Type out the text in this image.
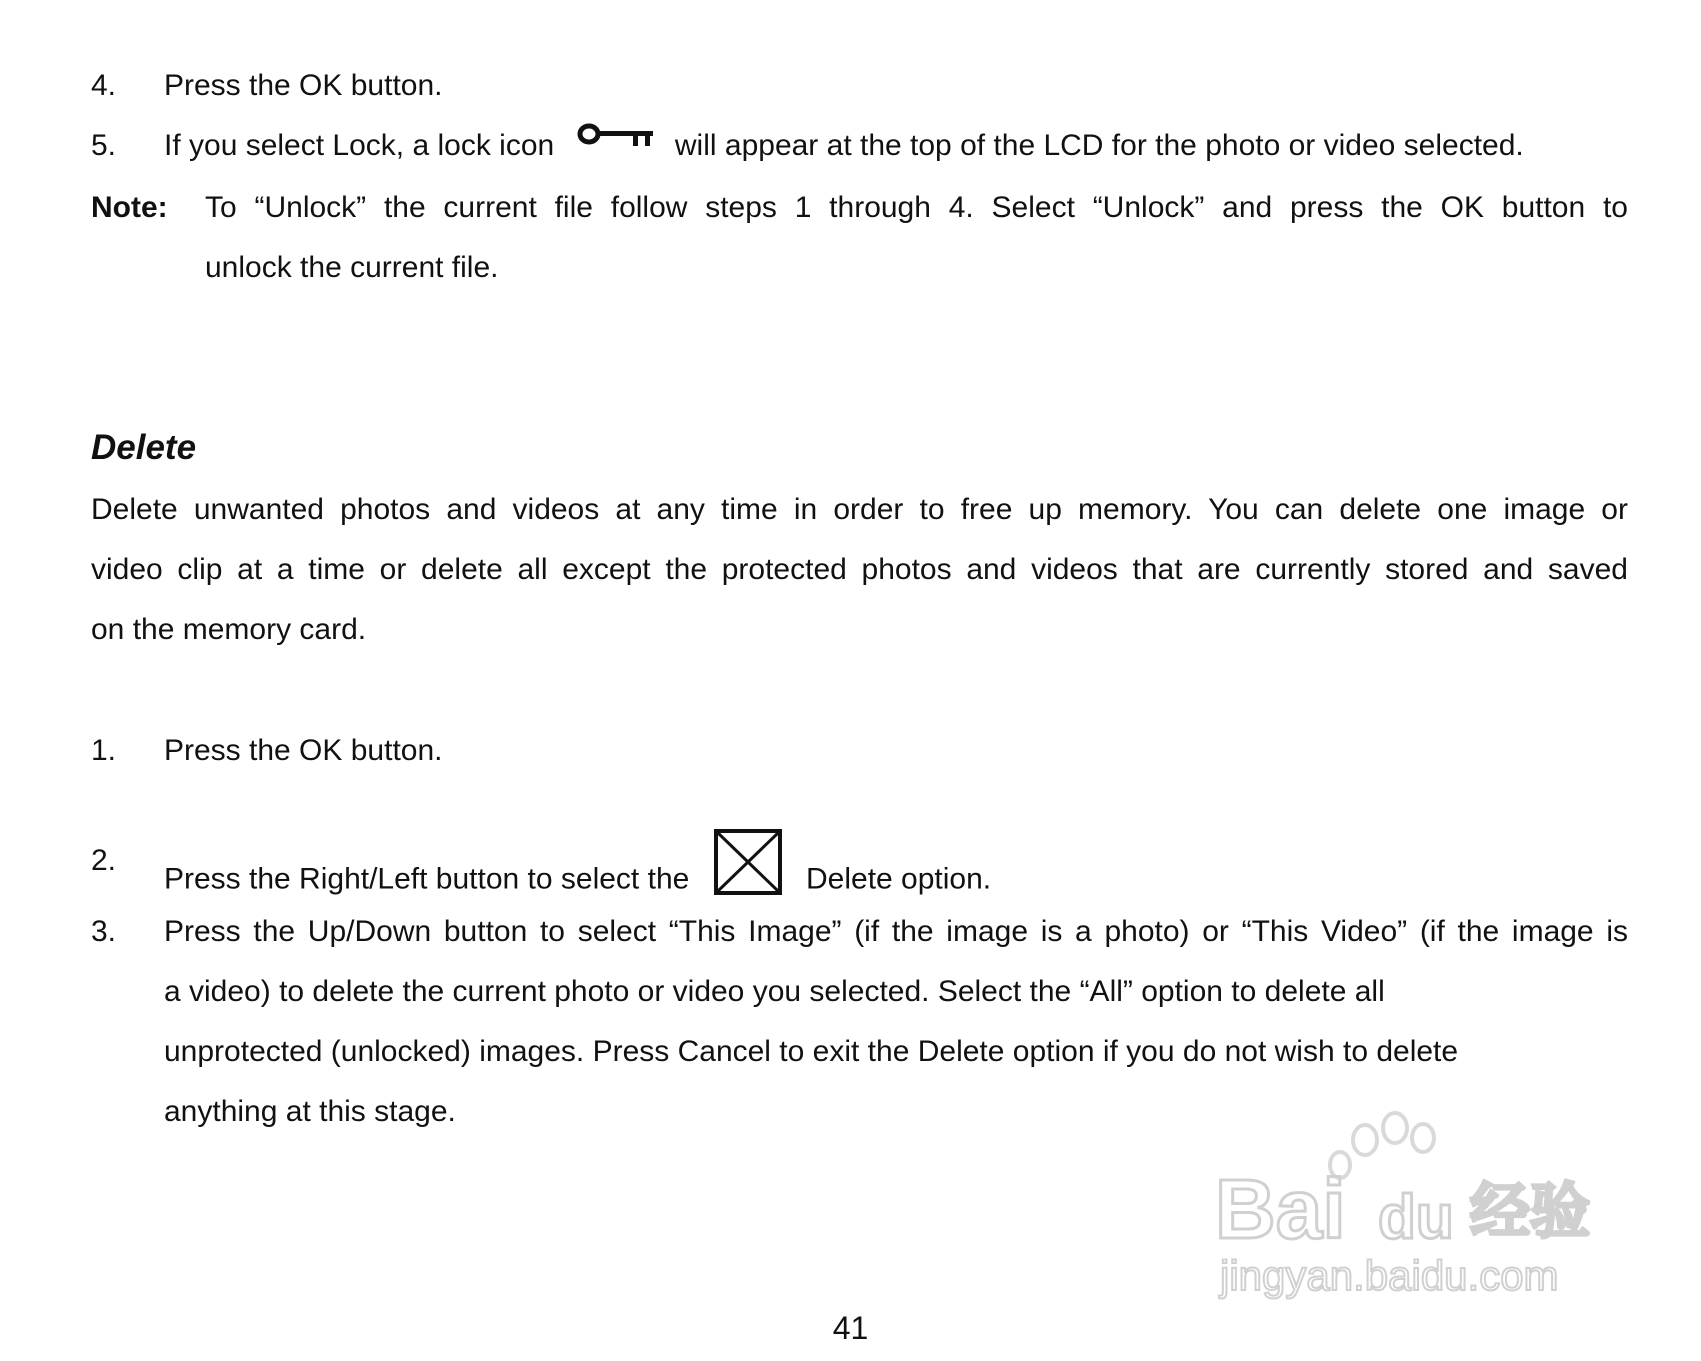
4. Press the OK button.
5. If you select Lock, a lock icon	will appear at the top of the LCD for the photo or video selected.
Note: To “Unlock” the current file follow steps 1 through 4. Select “Unlock” and press the OK button to
unlock the current file.
Delete
Delete unwanted photos and videos at any time in order to free up memory. You can delete one image or
video clip at a time or delete all except the protected photos and videos that are currently stored and saved
on the memory card.
1. Press the OK button.
2.
Press the Right/Left button to select the	Delete option.
3. Press the Up/Down button to select “This Image” (if the image is a photo) or “This Video” (if the image is
a video) to delete the current photo or video you selected. Select the “All” option to delete all
unprotected (unlocked) images. Press Cancel to exit the Delete option if you do not wish to delete
anything at this stage.
Bai du 经验
jingyan.baidu.com
41
